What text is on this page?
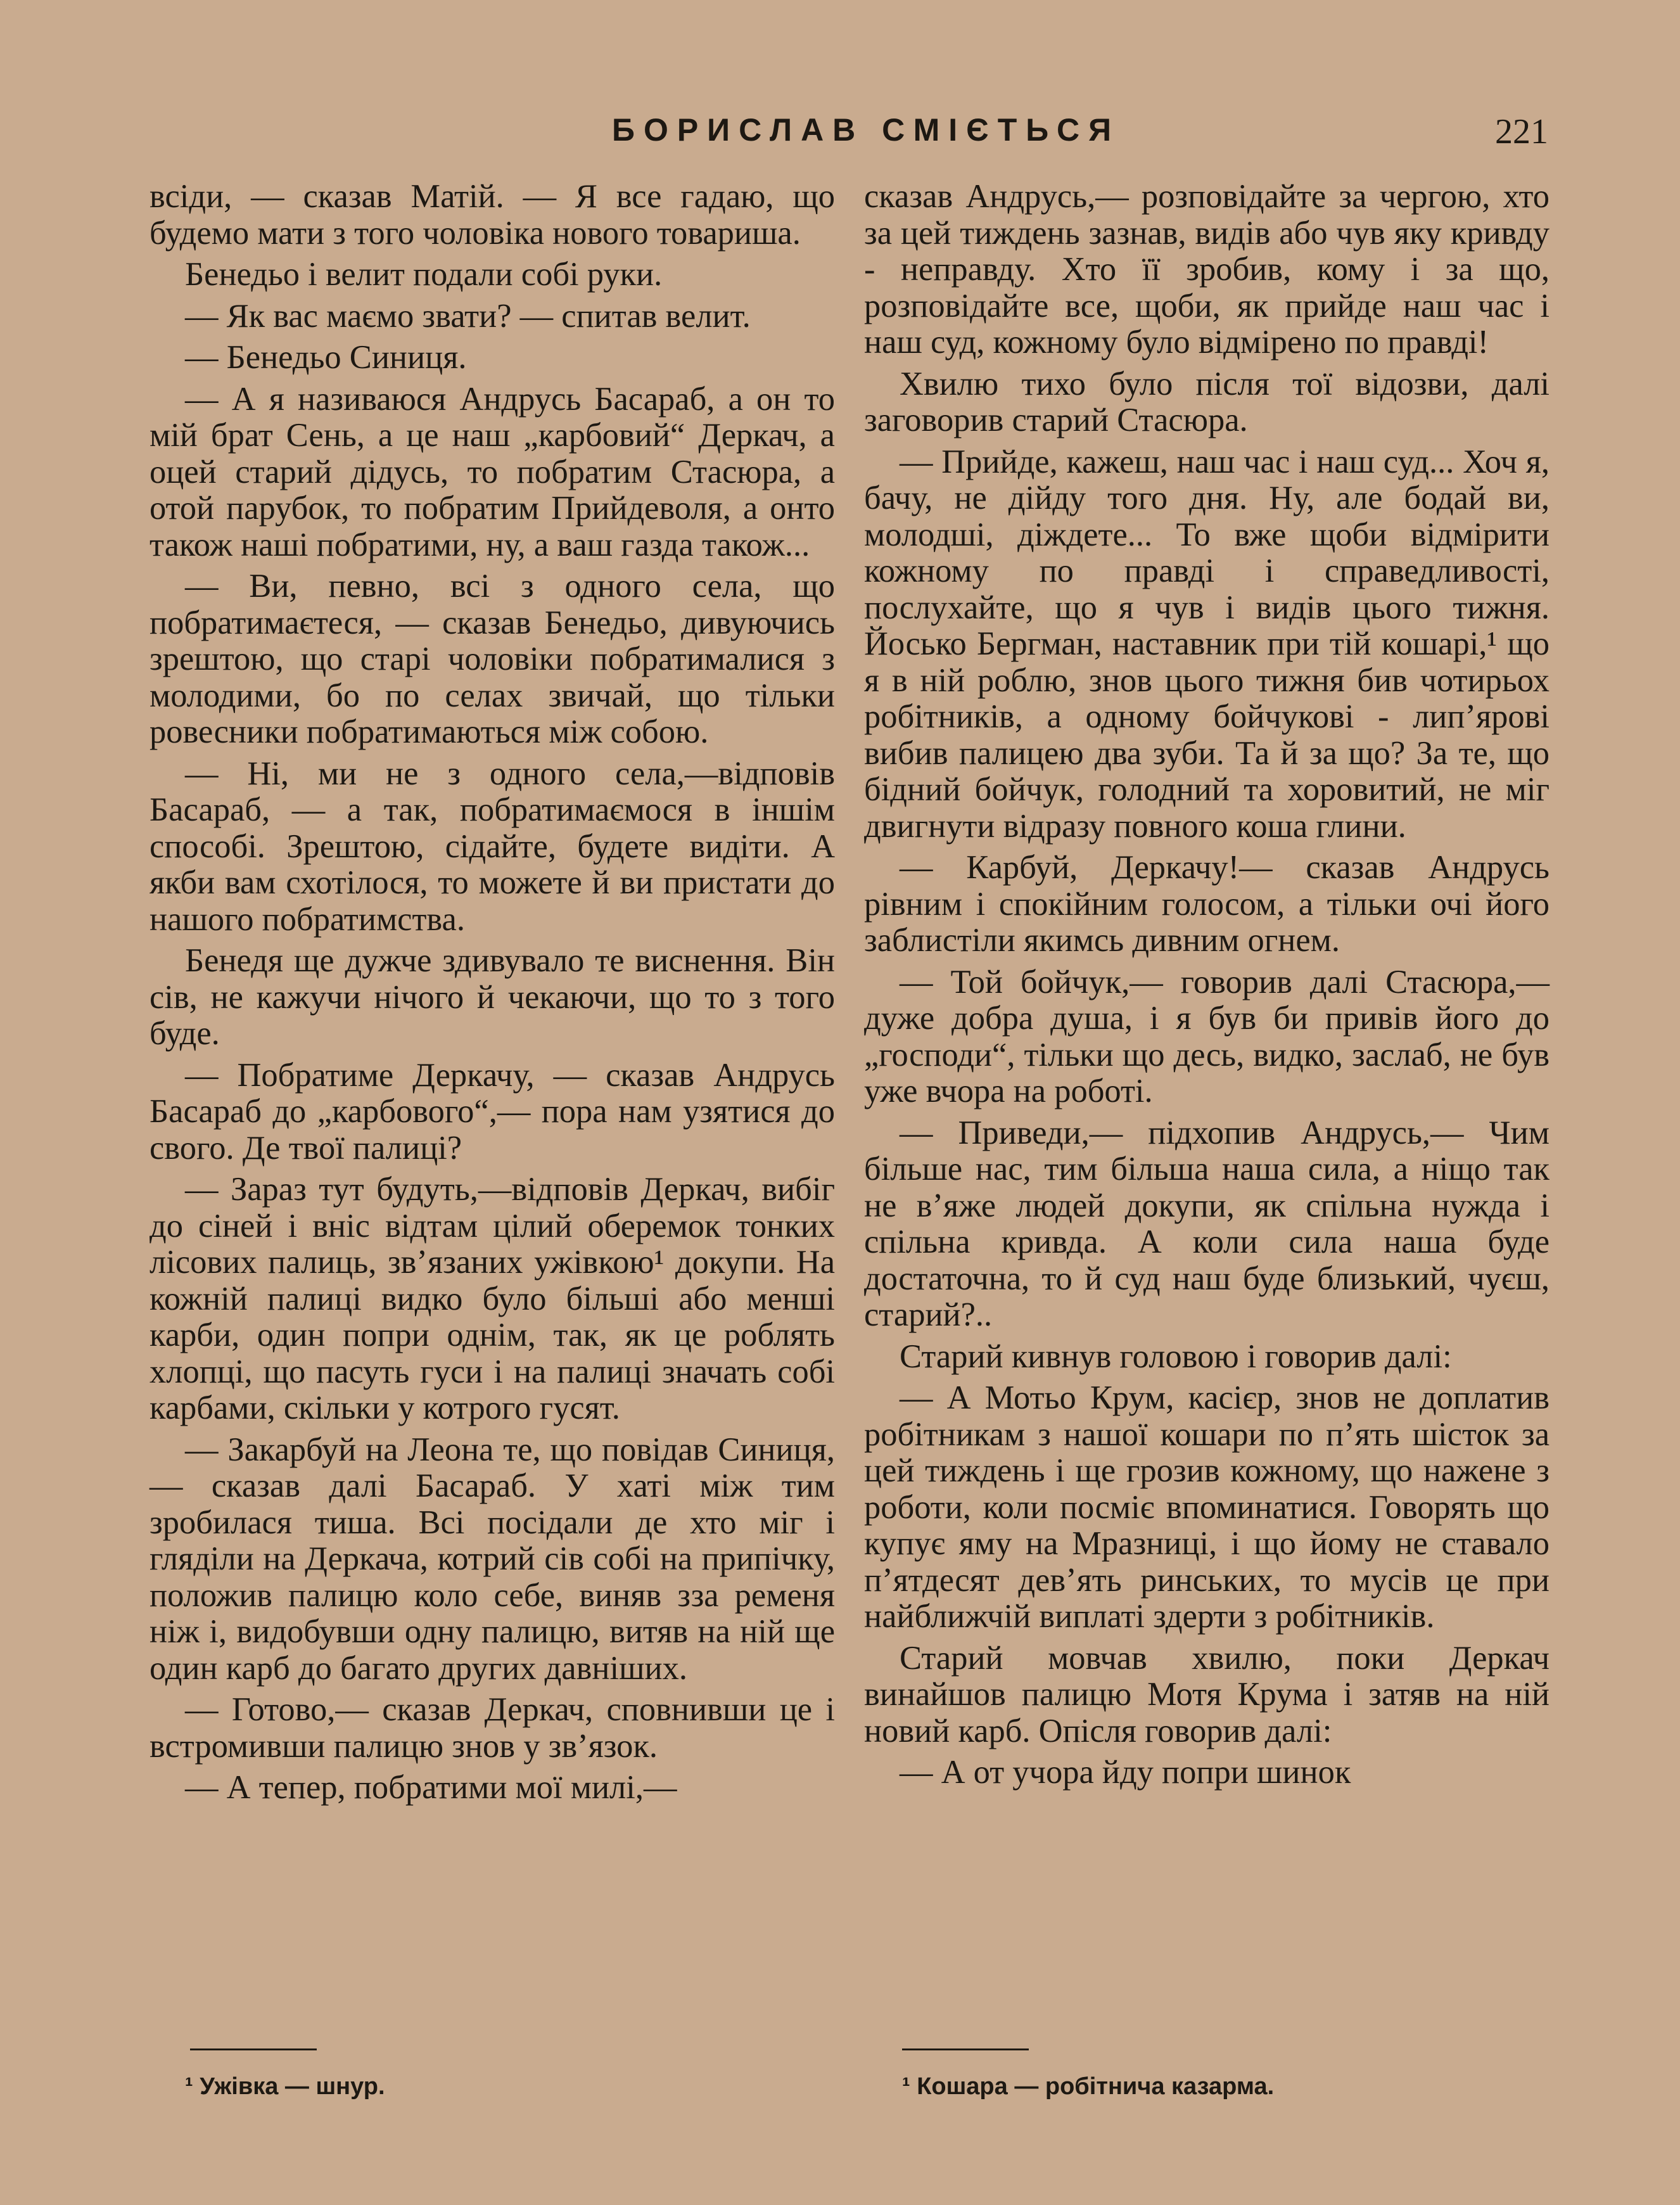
БОРИСЛАВ СМІЄТЬСЯ	221

всіди, — сказав Матій. — Я все гадаю, що будемо мати з того чоловіка нового товариша.

Бенедьо і велит подали собі руки.

— Як вас маємо звати? — спитав велит.

— Бенедьо Синиця.

— А я називаюся Андрусь Басараб, а он то мій брат Сень, а це наш „карбовий“ Деркач, а оцей старий дідусь, то побратим Стасюра, а отой парубок, то побратим Прийдеволя, а онто також наші побратими, ну, а ваш газда також...

— Ви, певно, всі з одного села, що побратимаєтеся, — сказав Бенедьо, дивуючись зрештою, що старі чоловіки побратималися з молодими, бо по селах звичай, що тільки ровесники побратимаються між собою.

— Ні, ми не з одного села,—відповів Басараб, — а так, побратимаємося в іншім способі. Зрештою, сідайте, будете видіти. А якби вам схотілося, то можете й ви пристати до нашого побратимства.

Бенедя ще дужче здивувало те виснення. Він сів, не кажучи нічого й чекаючи, що то з того буде.

— Побратиме Деркачу, — сказав Андрусь Басараб до „карбового“,— пора нам узятися до свого. Де твої палиці?

— Зараз тут будуть,—відповів Деркач, вибіг до сіней і вніс відтам цілий оберемок тонких лісових палиць, зв’язаних ужівкою¹ докупи. На кожній палиці видко було більші або менші карби, один попри однім, так, як це роблять хлопці, що пасуть гуси і на палиці значать собі карбами, скільки у котрого гусят.

— Закарбуй на Леона те, що повідав Синиця,— сказав далі Басараб. У хаті між тим зробилася тиша. Всі посідали де хто міг і гляділи на Деркача, котрий сів собі на припічку, положив палицю коло себе, виняв зза ременя ніж і, видобувши одну палицю, витяв на ній ще один карб до багато других давніших.

— Готово,— сказав Деркач, сповнивши це і встромивши палицю знов у зв’язок.

— А тепер, побратими мої милі,—

сказав Андрусь,— розповідайте за чергою, хто за цей тиждень зазнав, видів або чув яку кривду - неправду. Хто її зробив, кому і за що, розповідайте все, щоби, як прийде наш час і наш суд, кожному було відмірено по правді!

Хвилю тихо було після тої відозви, далі заговорив старий Стасюра.

— Прийде, кажеш, наш час і наш суд... Хоч я, бачу, не дійду того дня. Ну, але бодай ви, молодші, діждете... То вже щоби відмірити кожному по правді і справедливості, послухайте, що я чув і видів цього тижня. Йосько Бергман, наставник при тій кошарі,¹ що я в ній роблю, знов цього тижня бив чотирьох робітників, а одному бойчукові - лип’ярові вибив палицею два зуби. Та й за що? За те, що бідний бойчук, голодний та хоровитий, не міг двигнути відразу повного коша глини.

— Карбуй, Деркачу!— сказав Андрусь рівним і спокійним голосом, а тільки очі його заблистіли якимсь дивним огнем.

— Той бойчук,— говорив далі Стасюра,— дуже добра душа, і я був би привів його до „господи“, тільки що десь, видко, заслаб, не був уже вчора на роботі.

— Приведи,— підхопив Андрусь,— Чим більше нас, тим більша наша сила, а ніщо так не в’яже людей докупи, як спільна нужда і спільна кривда. А коли сила наша буде достаточна, то й суд наш буде близький, чуєш, старий?..

Старий кивнув головою і говорив далі:

— А Мотьо Крум, касієр, знов не доплатив робітникам з нашої кошари по п’ять шісток за цей тиждень і ще грозив кожному, що нажене з роботи, коли посміє впоминатися. Говорять що купує яму на Мразниці, і що йому не ставало п’ятдесят дев’ять ринських, то мусів це при найближчій виплаті здерти з робітників.

Старий мовчав хвилю, поки Деркач винайшов палицю Мотя Крума і затяв на ній новий карб. Опісля говорив далі:

— А от учора йду попри шинок

¹ Ужівка — шнур.	¹ Кошара — робітнича казарма.
